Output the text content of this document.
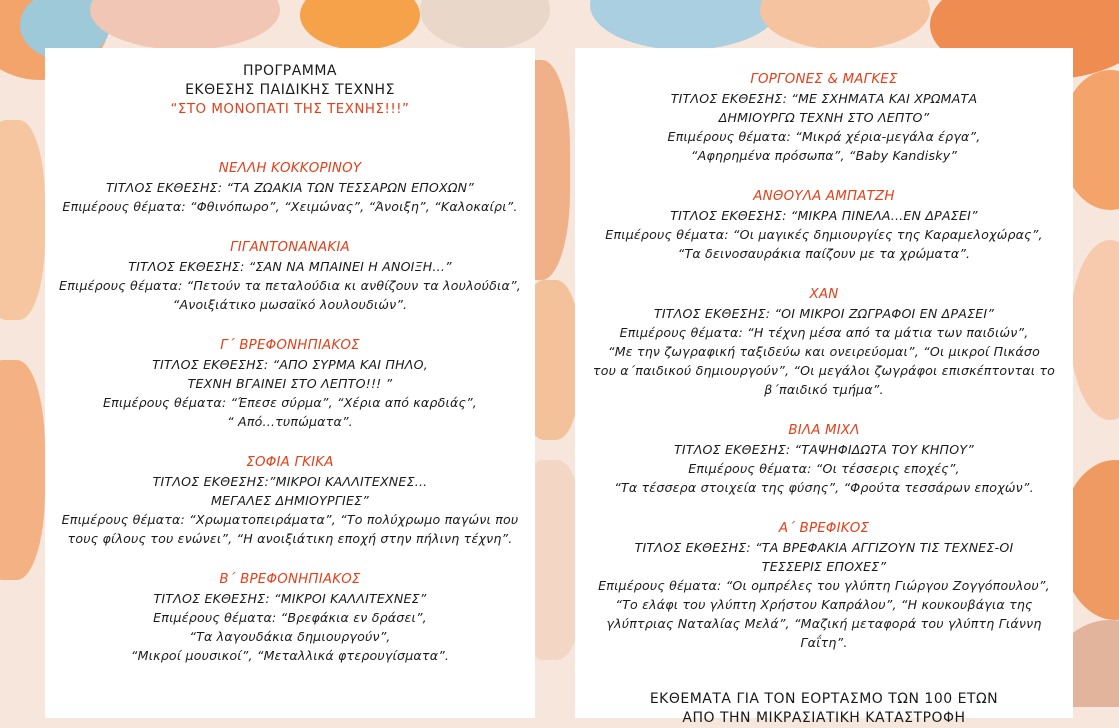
ΠΡΟΓΡΑΜΜΑ
ΕΚΘΕΣΗΣ ΠΑΙΔΙΚΗΣ ΤΕΧΝΗΣ
“ΣΤΟ ΜΟΝΟΠΑΤΙ ΤΗΣ ΤΕΧΝΗΣ!!!”
ΝΕΛΛΗ ΚΟΚΚΟΡΙΝΟΥ
ΤΙΤΛΟΣ ΕΚΘΕΣΗΣ: “ΤΑ ΖΩΑΚΙΑ ΤΩΝ ΤΕΣΣΑΡΩΝ ΕΠΟΧΩΝ”
Επιμέρους θέματα: “Φθινόπωρο”, “Χειμώνας”, “Άνοιξη”, “Καλοκαίρι”.
ΓΙΓΑΝΤΟΝΑΝΑΚΙΑ
ΤΙΤΛΟΣ ΕΚΘΕΣΗΣ: “ΣΑΝ ΝΑ ΜΠΑΙΝΕΙ Η ΑΝΟΙΞΗ...”
Επιμέρους θέματα: “Πετούν τα πεταλούδια κι ανθίζουν τα λουλούδια”,
“Ανοιξιάτικο μωσαϊκό λουλουδιών”.
Γ΄ ΒΡΕΦΟΝΗΠΙΑΚΟΣ
ΤΙΤΛΟΣ ΕΚΘΕΣΗΣ: “ΑΠΟ ΣΥΡΜΑ ΚΑΙ ΠΗΛΟ,
ΤΕΧΝΗ ΒΓΑΙΝΕΙ ΣΤΟ ΛΕΠΤΟ!!! ”
Επιμέρους θέματα: “Έπεσε σύρμα”, “Χέρια από καρδιάς”,
“ Από...τυπώματα”.
ΣΟΦΙΑ ΓΚΙΚΑ
ΤΙΤΛΟΣ ΕΚΘΕΣΗΣ:”ΜΙΚΡΟΙ ΚΑΛΛΙΤΕΧΝΕΣ...
ΜΕΓΑΛΕΣ ΔΗΜΙΟΥΡΓΙΕΣ”
Επιμέρους θέματα: “Χρωματοπειράματα”, “Το πολύχρωμο παγώνι που
τους φίλους του ενώνει”, “Η ανοιξιάτικη εποχή στην πήλινη τέχνη”.
Β΄ ΒΡΕΦΟΝΗΠΙΑΚΟΣ
ΤΙΤΛΟΣ ΕΚΘΕΣΗΣ: “ΜΙΚΡΟΙ ΚΑΛΛΙΤΕΧΝΕΣ”
Επιμέρους θέματα: “Βρεφάκια εν δράσει”,
“Τα λαγουδάκια δημιουργούν”,
“Μικροί μουσικοί”, “Μεταλλικά φτερουγίσματα”.
ΓΟΡΓΟΝΕΣ & ΜΑΓΚΕΣ
ΤΙΤΛΟΣ ΕΚΘΕΣΗΣ: “ΜΕ ΣΧΗΜΑΤΑ ΚΑΙ ΧΡΩΜΑΤΑ
ΔΗΜΙΟΥΡΓΩ ΤΕΧΝΗ ΣΤΟ ΛΕΠΤΟ”
Επιμέρους θέματα: “Μικρά χέρια-μεγάλα έργα”,
“Αφηρημένα πρόσωπα”, “Baby Kandisky”
ΑΝΘΟΥΛΑ ΑΜΠΑΤΖΗ
ΤΙΤΛΟΣ ΕΚΘΕΣΗΣ: “ΜΙΚΡΑ ΠΙΝΕΛΑ...ΕΝ ΔΡΑΣΕΙ”
Επιμέρους θέματα: “Οι μαγικές δημιουργίες της Καραμελοχώρας”,
“Τα δεινοσαυράκια παίζουν με τα χρώματα”.
ΧΑΝ
ΤΙΤΛΟΣ ΕΚΘΕΣΗΣ: “ΟΙ ΜΙΚΡΟΙ ΖΩΓΡΑΦΟΙ ΕΝ ΔΡΑΣΕΙ”
Επιμέρους θέματα: “Η τέχνη μέσα από τα μάτια των παιδιών”,
“Με την ζωγραφική ταξιδεύω και ονειρεύομαι”, “Οι μικροί Πικάσο
του α΄παιδικού δημιουργούν”, “Οι μεγάλοι ζωγράφοι επισκέπτονται το
β΄παιδικό τμήμα”.
ΒΙΛΑ ΜΙΧΛ
ΤΙΤΛΟΣ ΕΚΘΕΣΗΣ: “ΤΑΨΗΦΙΔΩΤΑ ΤΟΥ ΚΗΠΟΥ”
Επιμέρους θέματα: “Οι τέσσερις εποχές”,
“Τα τέσσερα στοιχεία της φύσης”, “Φρούτα τεσσάρων εποχών”.
Α΄ ΒΡΕΦΙΚΟΣ
ΤΙΤΛΟΣ ΕΚΘΕΣΗΣ: “ΤΑ ΒΡΕΦΑΚΙΑ ΑΓΓΙΖΟΥΝ ΤΙΣ ΤΕΧΝΕΣ-ΟΙ
ΤΕΣΣΕΡΙΣ ΕΠΟΧΕΣ”
Επιμέρους θέματα: “Οι ομπρέλες του γλύπτη Γιώργου Ζογγόπουλου”,
“Το ελάφι του γλύπτη Χρήστου Καπράλου”, “Η κουκουβάγια της
γλύπτριας Ναταλίας Μελά”, “Μαζική μεταφορά του γλύπτη Γιάννη
Γαΐτη”.
ΕΚΘΕΜΑΤΑ ΓΙΑ ΤΟΝ ΕΟΡΤΑΣΜΟ ΤΩΝ 100 ΕΤΩΝ
ΑΠΟ ΤΗΝ ΜΙΚΡΑΣΙΑΤΙΚΗ ΚΑΤΑΣΤΡΟΦΗ
